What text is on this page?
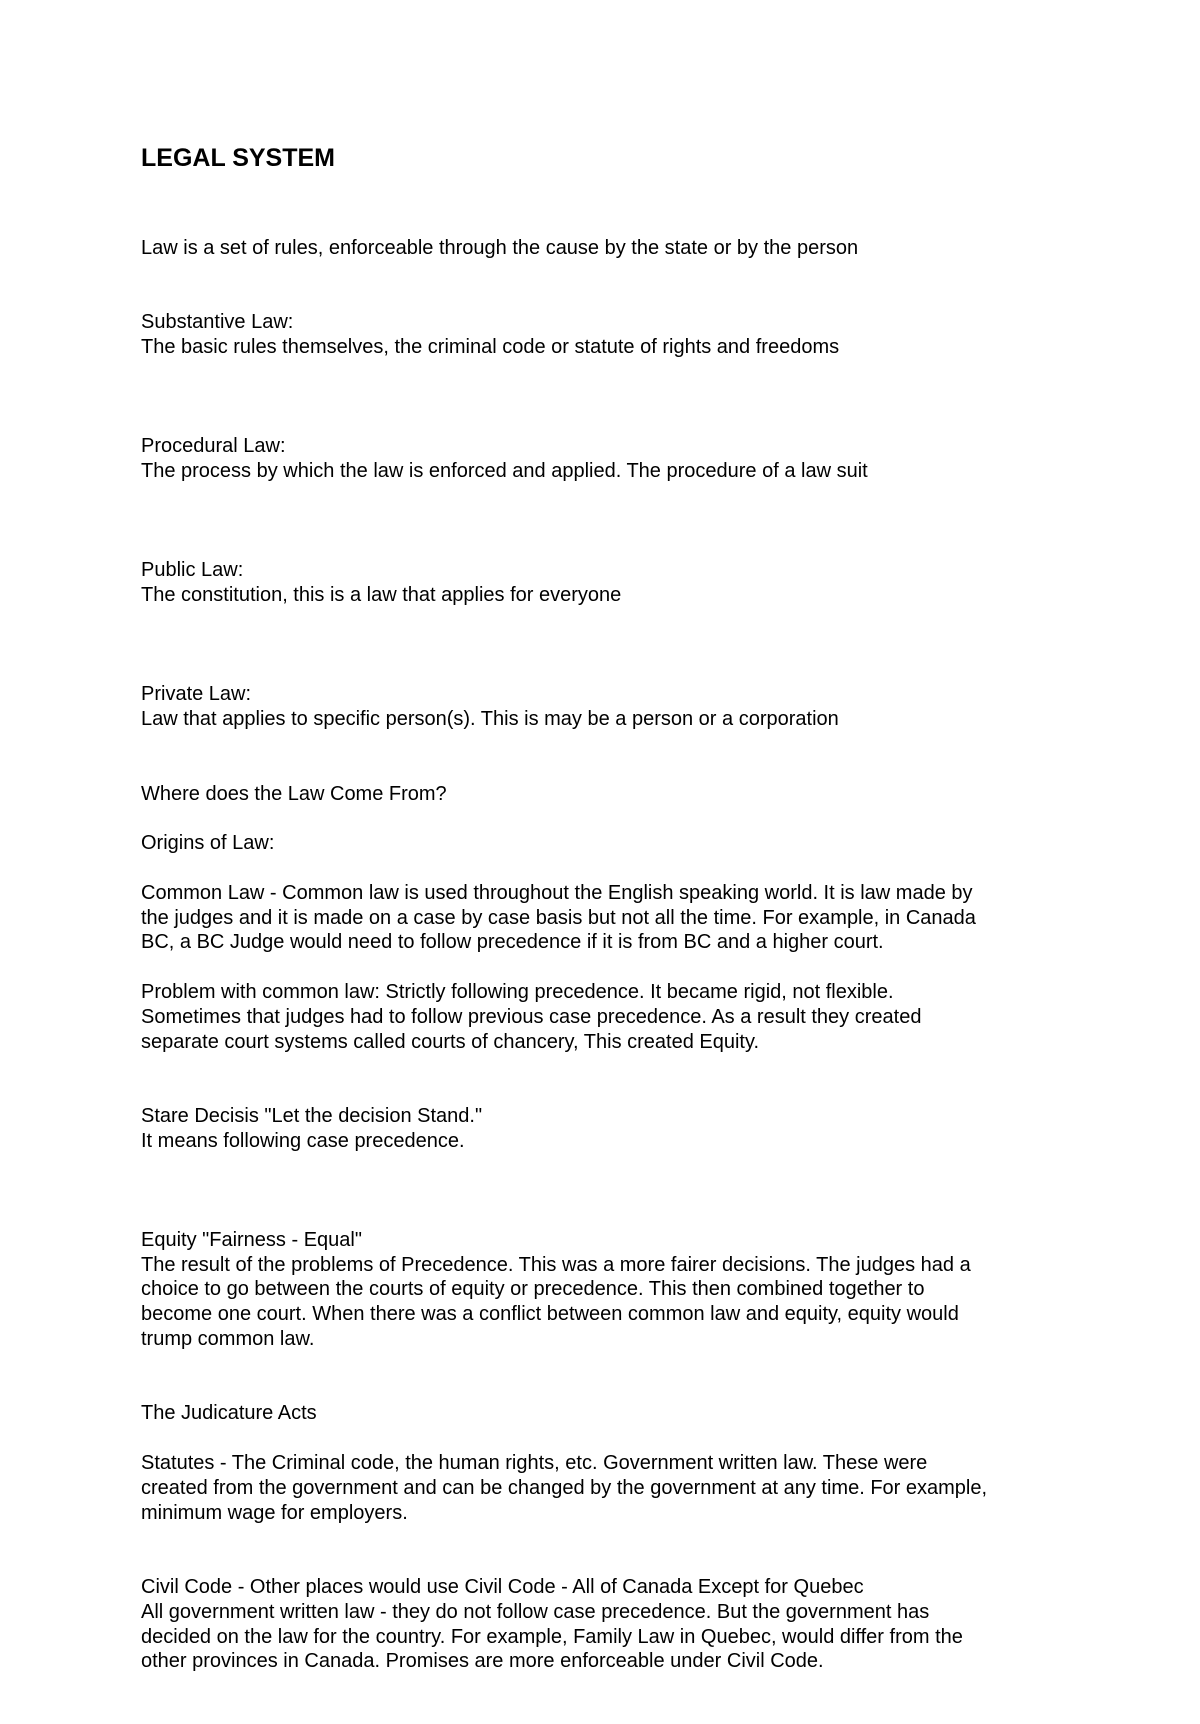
LEGAL SYSTEM

Law is a set of rules, enforceable through the cause by the state or by the person

Substantive Law:
The basic rules themselves, the criminal code or statute of rights and freedoms

Procedural Law:
The process by which the law is enforced and applied. The procedure of a law suit

Public Law:
The constitution, this is a law that applies for everyone

Private Law:
Law that applies to specific person(s). This is may be a person or a corporation

Where does the Law Come From?

Origins of Law:

Common Law - Common law is used throughout the English speaking world. It is law made by
the judges and it is made on a case by case basis but not all the time. For example, in Canada
BC, a BC Judge would need to follow precedence if it is from BC and a higher court.

Problem with common law: Strictly following precedence. It became rigid, not flexible.
Sometimes that judges had to follow previous case precedence. As a result they created
separate court systems called courts of chancery, This created Equity.

Stare Decisis "Let the decision Stand."
It means following case precedence.

Equity "Fairness - Equal"
The result of the problems of Precedence. This was a more fairer decisions. The judges had a
choice to go between the courts of equity or precedence. This then combined together to
become one court. When there was a conflict between common law and equity, equity would
trump common law.

The Judicature Acts

Statutes - The Criminal code, the human rights, etc. Government written law. These were
created from the government and can be changed by the government at any time. For example,
minimum wage for employers.

Civil Code - Other places would use Civil Code - All of Canada Except for Quebec
All government written law - they do not follow case precedence. But the government has
decided on the law for the country. For example, Family Law in Quebec, would differ from the
other provinces in Canada. Promises are more enforceable under Civil Code.
